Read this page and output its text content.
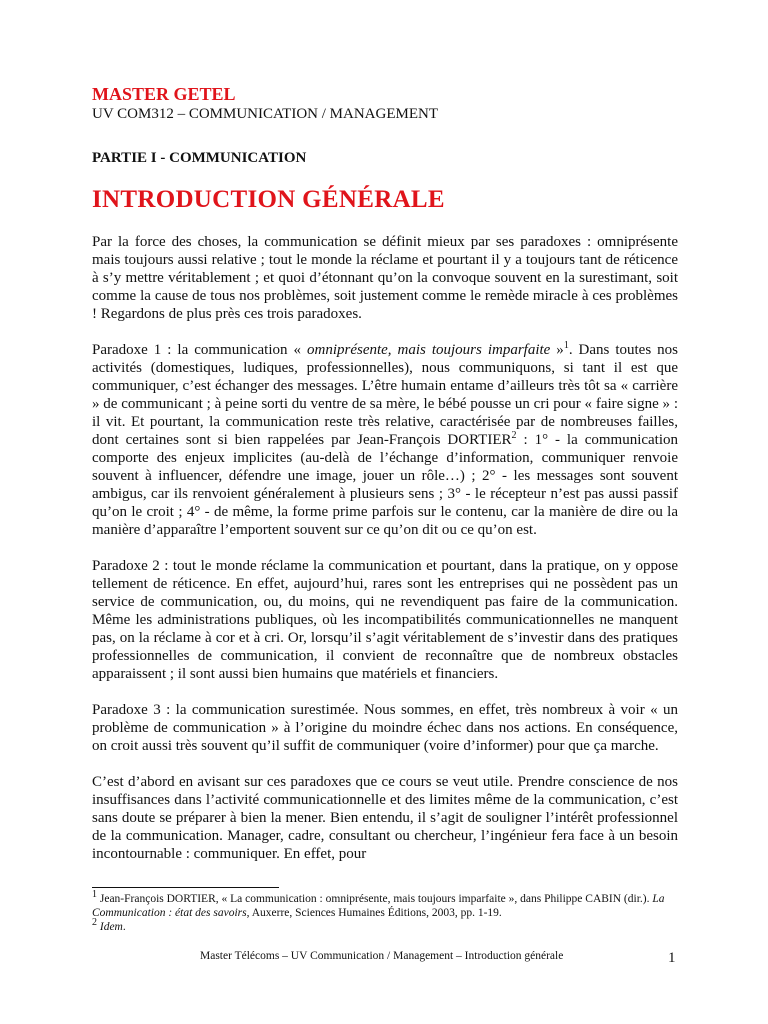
MASTER GETEL
UV COM312 – COMMUNICATION / MANAGEMENT
PARTIE I - COMMUNICATION
INTRODUCTION GÉNÉRALE

Par la force des choses, la communication se définit mieux par ses paradoxes : omniprésente mais toujours aussi relative ; tout le monde la réclame et pourtant il y a toujours tant de réticence à s’y mettre véritablement ; et quoi d’étonnant qu’on la convoque souvent en la surestimant, soit comme la cause de tous nos problèmes, soit justement comme le remède miracle à ces problèmes ! Regardons de plus près ces trois paradoxes.

Paradoxe 1 : la communication « omniprésente, mais toujours imparfaite »$^1$. Dans toutes nos activités (domestiques, ludiques, professionnelles), nous communiquons, si tant il est que communiquer, c’est échanger des messages. L’être humain entame d’ailleurs très tôt sa « carrière » de communicant ; à peine sorti du ventre de sa mère, le bébé pousse un cri pour « faire signe » : il vit. Et pourtant, la communication reste très relative, caractérisée par de nombreuses failles, dont certaines sont si bien rappelées par Jean-François DORTIER$^2$ : 1° - la communication comporte des enjeux implicites (au-delà de l’échange d’information, communiquer renvoie souvent à influencer, défendre une image, jouer un rôle…) ; 2° - les messages sont souvent ambigus, car ils renvoient généralement à plusieurs sens ; 3° - le récepteur n’est pas aussi passif qu’on le croit ; 4° - de même, la forme prime parfois sur le contenu, car la manière de dire ou la manière d’apparaître l’emportent souvent sur ce qu’on dit ou ce qu’on est.

Paradoxe 2 : tout le monde réclame la communication et pourtant, dans la pratique, on y oppose tellement de réticence. En effet, aujourd’hui, rares sont les entreprises qui ne possèdent pas un service de communication, ou, du moins, qui ne revendiquent pas faire de la communication. Même les administrations publiques, où les incompatibilités communicationnelles ne manquent pas, on la réclame à cor et à cri. Or, lorsqu’il s’agit véritablement de s’investir dans des pratiques professionnelles de communication, il convient de reconnaître que de nombreux obstacles apparaissent ; il sont aussi bien humains que matériels et financiers.

Paradoxe 3 : la communication surestimée. Nous sommes, en effet, très nombreux à voir « un problème de communication » à l’origine du moindre échec dans nos actions. En conséquence, on croit aussi très souvent qu’il suffit de communiquer (voire d’informer) pour que ça marche.

C’est d’abord en avisant sur ces paradoxes que ce cours se veut utile. Prendre conscience de nos insuffisances dans l’activité communicationnelle et des limites même de la communication, c’est sans doute se préparer à bien la mener. Bien entendu, il s’agit de souligner l’intérêt professionnel de la communication. Manager, cadre, consultant ou chercheur, l’ingénieur fera face à un besoin incontournable : communiquer. En effet, pour

$^1$ Jean-François DORTIER, « La communication : omniprésente, mais toujours imparfaite », dans Philippe CABIN (dir.). La Communication : état des savoirs, Auxerre, Sciences Humaines Éditions, 2003, pp. 1-19.

$^2$ Idem.

Master Télécoms – UV Communication / Management – Introduction générale	1
